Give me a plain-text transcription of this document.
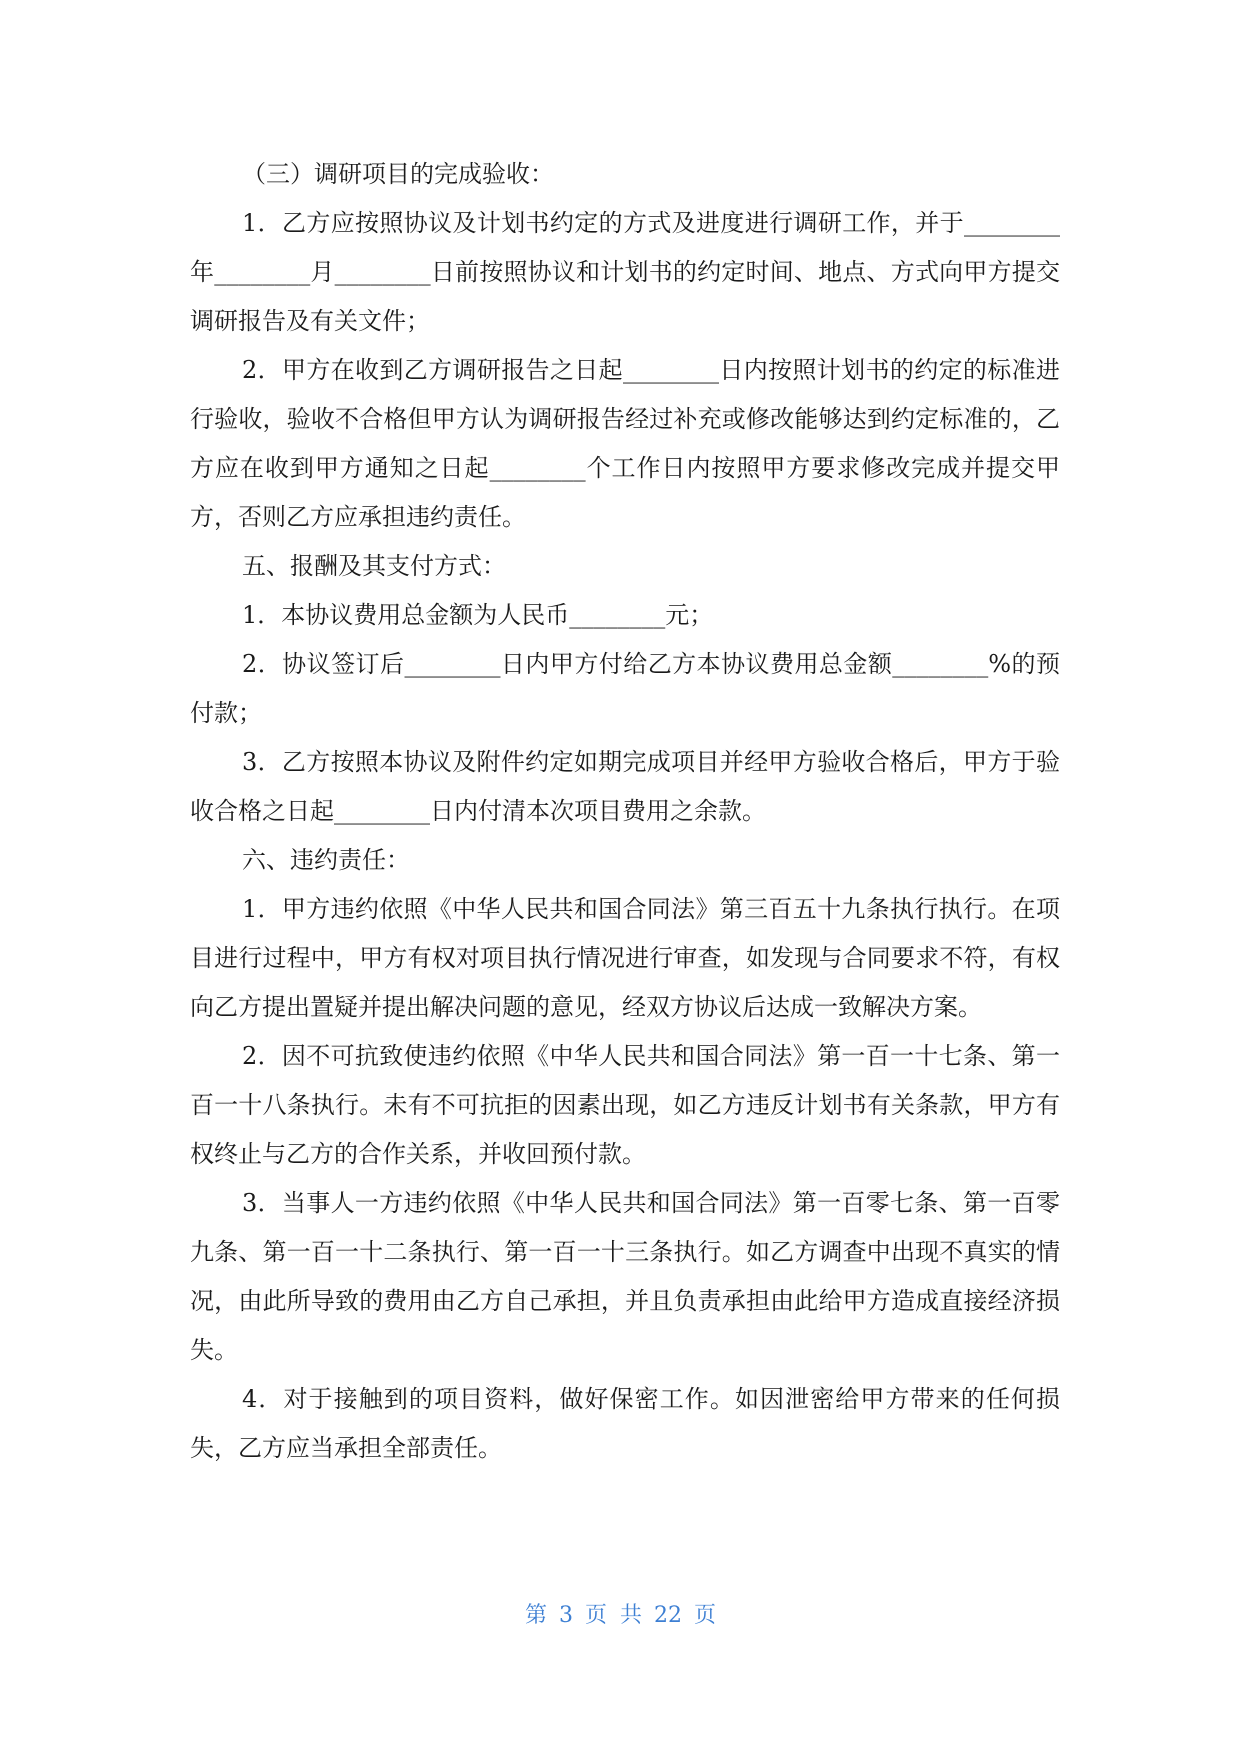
（三）调研项目的完成验收：

1．乙方应按照协议及计划书约定的方式及进度进行调研工作，并于________年________月________日前按照协议和计划书的约定时间、地点、方式向甲方提交调研报告及有关文件；

2．甲方在收到乙方调研报告之日起________日内按照计划书的约定的标准进行验收，验收不合格但甲方认为调研报告经过补充或修改能够达到约定标准的，乙方应在收到甲方通知之日起________个工作日内按照甲方要求修改完成并提交甲方，否则乙方应承担违约责任。

五、报酬及其支付方式：

1．本协议费用总金额为人民币________元；

2．协议签订后________日内甲方付给乙方本协议费用总金额________%的预付款；

3．乙方按照本协议及附件约定如期完成项目并经甲方验收合格后，甲方于验收合格之日起________日内付清本次项目费用之余款。

六、违约责任：

1．甲方违约依照《中华人民共和国合同法》第三百五十九条执行执行。在项目进行过程中，甲方有权对项目执行情况进行审查，如发现与合同要求不符，有权向乙方提出置疑并提出解决问题的意见，经双方协议后达成一致解决方案。

2．因不可抗致使违约依照《中华人民共和国合同法》第一百一十七条、第一百一十八条执行。未有不可抗拒的因素出现，如乙方违反计划书有关条款，甲方有权终止与乙方的合作关系，并收回预付款。

3．当事人一方违约依照《中华人民共和国合同法》第一百零七条、第一百零九条、第一百一十二条执行、第一百一十三条执行。如乙方调查中出现不真实的情况，由此所导致的费用由乙方自己承担，并且负责承担由此给甲方造成直接经济损失。

4．对于接触到的项目资料，做好保密工作。如因泄密给甲方带来的任何损失，乙方应当承担全部责任。

第 3 页 共 22 页
